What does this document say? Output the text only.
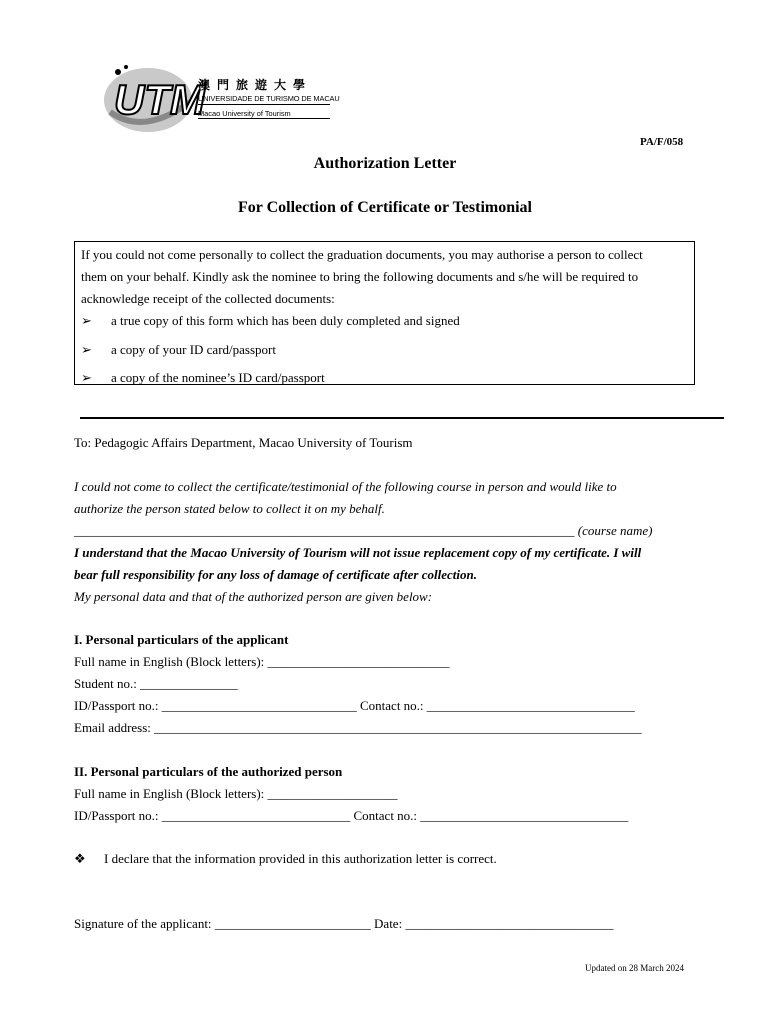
UTM
澳門旅遊大學
UNIVERSIDADE DE TURISMO DE MACAU
Macao University of Tourism
PA/F/058
Authorization Letter
For Collection of Certificate or Testimonial

If you could not come personally to collect the graduation documents, you may authorise a person to collect

them on your behalf. Kindly ask the nominee to bring the following documents and s/he will be required to

acknowledge receipt of the collected documents:

➢ a true copy of this form which has been duly completed and signed
➢ a copy of your ID card/passport
➢ a copy of the nominee’s ID card/passport
To: Pedagogic Affairs Department, Macao University of Tourism
I could not come to collect the certificate/testimonial of the following course in person and would like to
authorize the person stated below to collect it on my behalf.
_____________________________________________________________________________ (course name)
I understand that the Macao University of Tourism will not issue replacement copy of my certificate. I will
bear full responsibility for any loss of damage of certificate after collection.
My personal data and that of the authorized person are given below:
I. Personal particulars of the applicant
Full name in English (Block letters): ____________________________
Student no.: _______________
ID/Passport no.: ______________________________ Contact no.: ________________________________
Email address: ___________________________________________________________________________
II. Personal particulars of the authorized person
Full name in English (Block letters): ____________________
ID/Passport no.: _____________________________ Contact no.: ________________________________
❖ I declare that the information provided in this authorization letter is correct.
Signature of the applicant: ________________________ Date: ________________________________
Updated on 28 March 2024
